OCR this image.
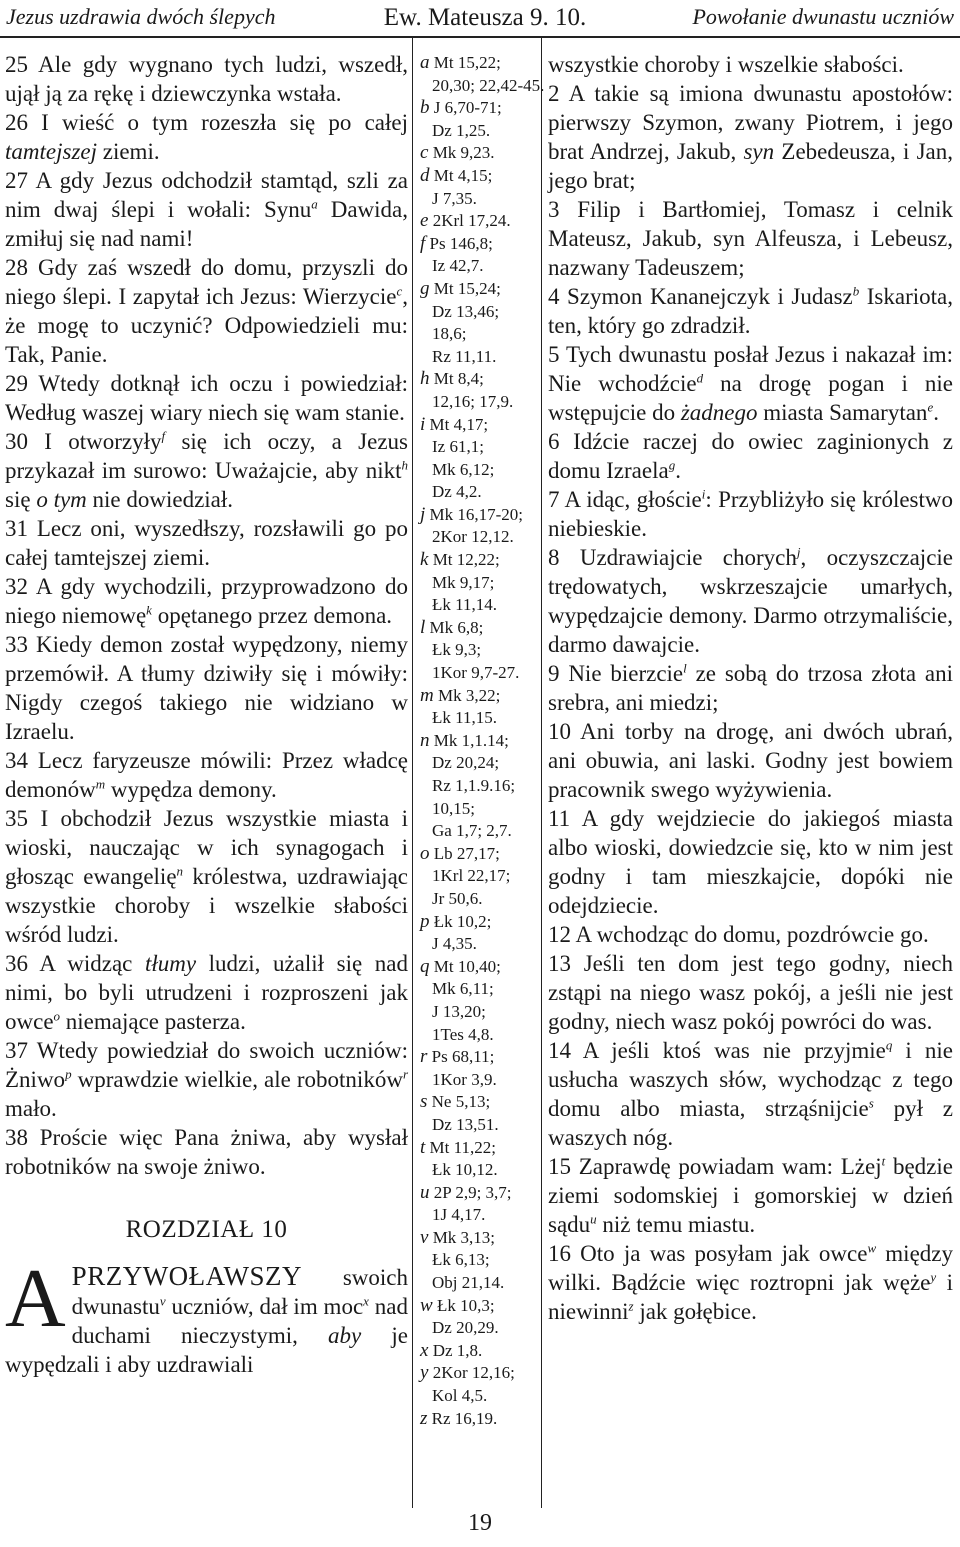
Jezus uzdrawia dwóch ślepych	Ew. Mateusza 9. 10.	Powołanie dwunastu uczniów

25 Ale gdy wygnano tych ludzi, wszedł, ujął ją za rękę i dziewczynka wstała.

26 I wieść o tym rozeszła się po całej tamtejszej ziemi.

27 A gdy Jezus odchodził stamtąd, szli za nim dwaj ślepi i wołali: Synu$^a$ Dawida, zmiłuj się nad nami!

28 Gdy zaś wszedł do domu, przyszli do niego ślepi. I zapytał ich Jezus: Wierzycie$^c$, że mogę to uczynić? Odpowiedzieli mu: Tak, Panie.

29 Wtedy dotknął ich oczu i powiedział: Według waszej wiary niech się wam stanie.

30 I otworzyły$^f$ się ich oczy, a Jezus przykazał im surowo: Uważajcie, aby nikt$^h$ się o tym nie dowiedział.

31 Lecz oni, wyszedłszy, rozsławili go po całej tamtejszej ziemi.

32 A gdy wychodzili, przyprowadzono do niego niemowę$^k$ opętanego przez demona.

33 Kiedy demon został wypędzony, niemy przemówił. A tłumy dziwiły się i mówiły: Nigdy czegoś takiego nie widziano w Izraelu.

34 Lecz faryzeusze mówili: Przez władcę demonów$^m$ wypędza demony.

35 I obchodził Jezus wszystkie miasta i wioski, nauczając w ich synagogach i głosząc ewangelię$^n$ królestwa, uzdrawiając wszystkie choroby i wszelkie słabości wśród ludzi.

36 A widząc tłumy ludzi, użalił się nad nimi, bo byli utrudzeni i rozproszeni jak owce$^o$ niemające pasterza.

37 Wtedy powiedział do swoich uczniów: Żniwo$^p$ wprawdzie wielkie, ale robotników$^r$ mało.

38 Proście więc Pana żniwa, aby wysłał robotników na swoje żniwo.

ROZDZIAŁ 10

APRZYWOŁAWSZY swoich dwunastu$^v$ uczniów, dał im moc$^x$ nad duchami nieczystymi, aby je wypędzali i aby uzdrawiali

a Mt 15,22;
20,30; 22,42-45.
b J 6,70-71;
Dz 1,25.
c Mk 9,23.
d Mt 4,15;
J 7,35.
e 2Krl 17,24.
f Ps 146,8;
Iz 42,7.
g Mt 15,24;
Dz 13,46;
18,6;
Rz 11,11.
h Mt 8,4;
12,16; 17,9.
i Mt 4,17;
Iz 61,1;
Mk 6,12;
Dz 4,2.
j Mk 16,17-20;
2Kor 12,12.
k Mt 12,22;
Mk 9,17;
Łk 11,14.
l Mk 6,8;
Łk 9,3;
1Kor 9,7-27.
m Mk 3,22;
Łk 11,15.
n Mk 1,1.14;
Dz 20,24;
Rz 1,1.9.16;
10,15;
Ga 1,7; 2,7.
o Lb 27,17;
1Krl 22,17;
Jr 50,6.
p Łk 10,2;
J 4,35.
q Mt 10,40;
Mk 6,11;
J 13,20;
1Tes 4,8.
r Ps 68,11;
1Kor 3,9.
s Ne 5,13;
Dz 13,51.
t Mt 11,22;
Łk 10,12.
u 2P 2,9; 3,7;
1J 4,17.
v Mk 3,13;
Łk 6,13;
Obj 21,14.
w Łk 10,3;
Dz 20,29.
x Dz 1,8.
y 2Kor 12,16;
Kol 4,5.
z Rz 16,19.

wszystkie choroby i wszelkie słabości.

2 A takie są imiona dwunastu apostołów: pierwszy Szymon, zwany Piotrem, i jego brat Andrzej, Jakub, syn Zebedeusza, i Jan, jego brat;

3 Filip i Bartłomiej, Tomasz i celnik Mateusz, Jakub, syn Alfeusza, i Lebeusz, nazwany Tadeuszem;

4 Szymon Kananejczyk i Judasz$^b$ Iskariota, ten, który go zdradził.

5 Tych dwunastu posłał Jezus i nakazał im: Nie wchodźcie$^d$ na drogę pogan i nie wstępujcie do żadnego miasta Samarytan$^e$.

6 Idźcie raczej do owiec zaginionych z domu Izraela$^g$.

7 A idąc, głoście$^i$: Przybliżyło się królestwo niebieskie.

8 Uzdrawiajcie chorych$^j$, oczyszczajcie trędowatych, wskrzeszajcie umarłych, wypędzajcie demony. Darmo otrzymaliście, darmo dawajcie.

9 Nie bierzcie$^l$ ze sobą do trzosa złota ani srebra, ani miedzi;

10 Ani torby na drogę, ani dwóch ubrań, ani obuwia, ani laski. Godny jest bowiem pracownik swego wyżywienia.

11 A gdy wejdziecie do jakiegoś miasta albo wioski, dowiedzcie się, kto w nim jest godny i tam mieszkajcie, dopóki nie odejdziecie.

12 A wchodząc do domu, pozdrówcie go.

13 Jeśli ten dom jest tego godny, niech zstąpi na niego wasz pokój, a jeśli nie jest godny, niech wasz pokój powróci do was.

14 A jeśli ktoś was nie przyjmie$^q$ i nie usłucha waszych słów, wychodząc z tego domu albo miasta, strząśnijcie$^s$ pył z waszych nóg.

15 Zaprawdę powiadam wam: Lżej$^t$ będzie ziemi sodomskiej i gomorskiej w dzień sądu$^u$ niż temu miastu.

16 Oto ja was posyłam jak owce$^w$ między wilki. Bądźcie więc roztropni jak węże$^y$ i niewinni$^z$ jak gołębice.

19
